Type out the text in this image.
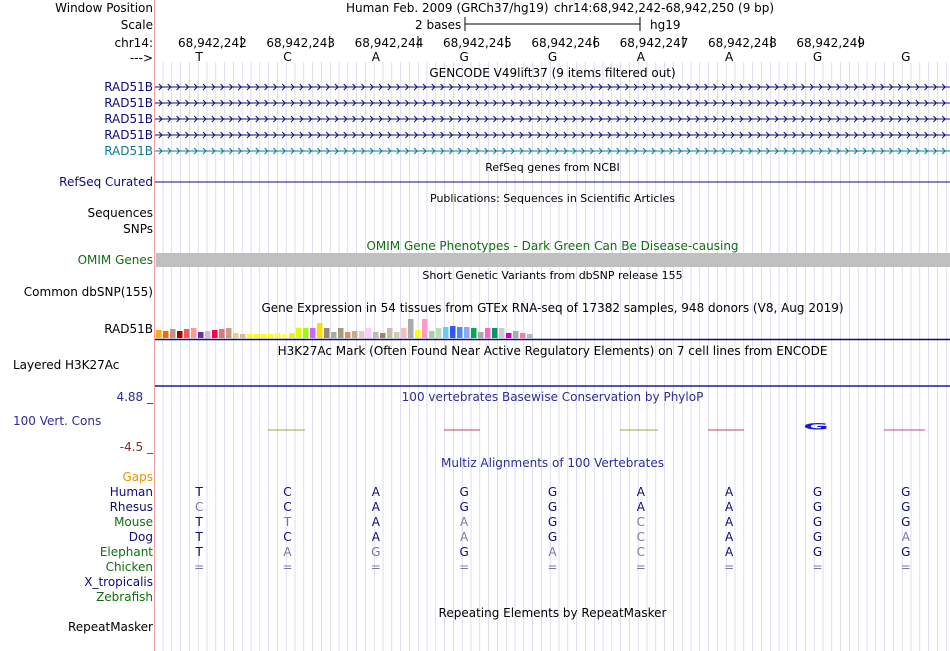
G
Window Position	Human Feb. 2009 (GRCh37/hg19) chr14:68,942,242-68,942,250 (9 bp)
Scale	2 bases	hg19
chr14: 68,942,242 68,942,243 68,942,244 68,942,245 68,942,246 68,942,247 68,942,248 68,942,249
--->	T	C	A	G	G	A	A	G	G
GENCODE V49lift37 (9 items filtered out)
RAD51B
RAD51B
RAD51B
RAD51B
RAD51B
RefSeq genes from NCBI
RefSeq Curated
Publications: Sequences in Scientific Articles
Sequences
SNPs
OMIM Gene Phenotypes - Dark Green Can Be Disease-causing
OMIM Genes
Short Genetic Variants from dbSNP release 155
Common dbSNP(155)
Gene Expression in 54 tissues from GTEx RNA-seq of 17382 samples, 948 donors (V8, Aug 2019)
RAD51B
H3K27Ac Mark (Often Found Near Active Regulatory Elements) on 7 cell lines from ENCODE
Layered H3K27Ac
100 vertebrates Basewise Conservation by PhyloP
4.88 _
100 Vert. Cons
-4.5 _
Gaps
Multiz Alignments of 100 Vertebrates
Human	T	C	A	G	G	A	A	G	G
Rhesus	C	C	A	G	G	A	A	G	G
Mouse	T	T	A	A	G	C	A	G	G
Dog	T	C	A	A	G	C	A	G	A
Elephant	T	A	G	G	A	C	A	G	G
Chicken	=	=	=	=	=	=	=	=	=
X_tropicalis
Zebrafish
Repeating Elements by RepeatMasker
RepeatMasker
